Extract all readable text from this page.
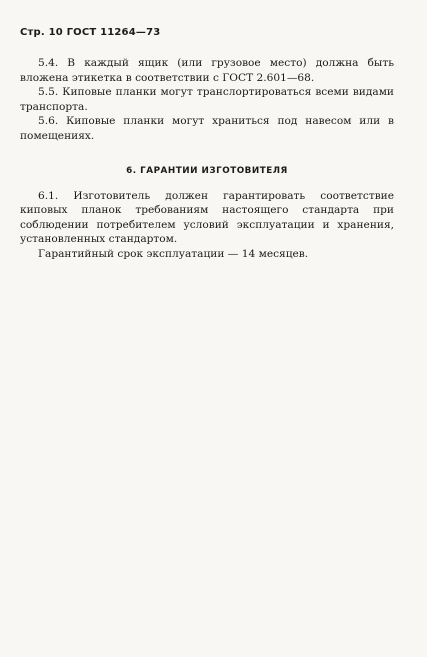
Стр. 10 ГОСТ 11264—73

5.4. В каждый ящик (или грузовое место) должна быть вложена этикетка в соответствии с ГОСТ 2.601—68.

5.5. Киповые планки могут транслортироваться всеми видами транспорта.

5.6. Киповые планки могут храниться под навесом или в помещениях.

6. ГАРАНТИИ ИЗГОТОВИТЕЛЯ

6.1. Изготовитель должен гарантировать соответствие киповых планок требованиям настоящего стандарта при соблюдении потребителем условий эксплуатации и хранения, установленных стандартом.

Гарантийный срок эксплуатации — 14 месяцев.
